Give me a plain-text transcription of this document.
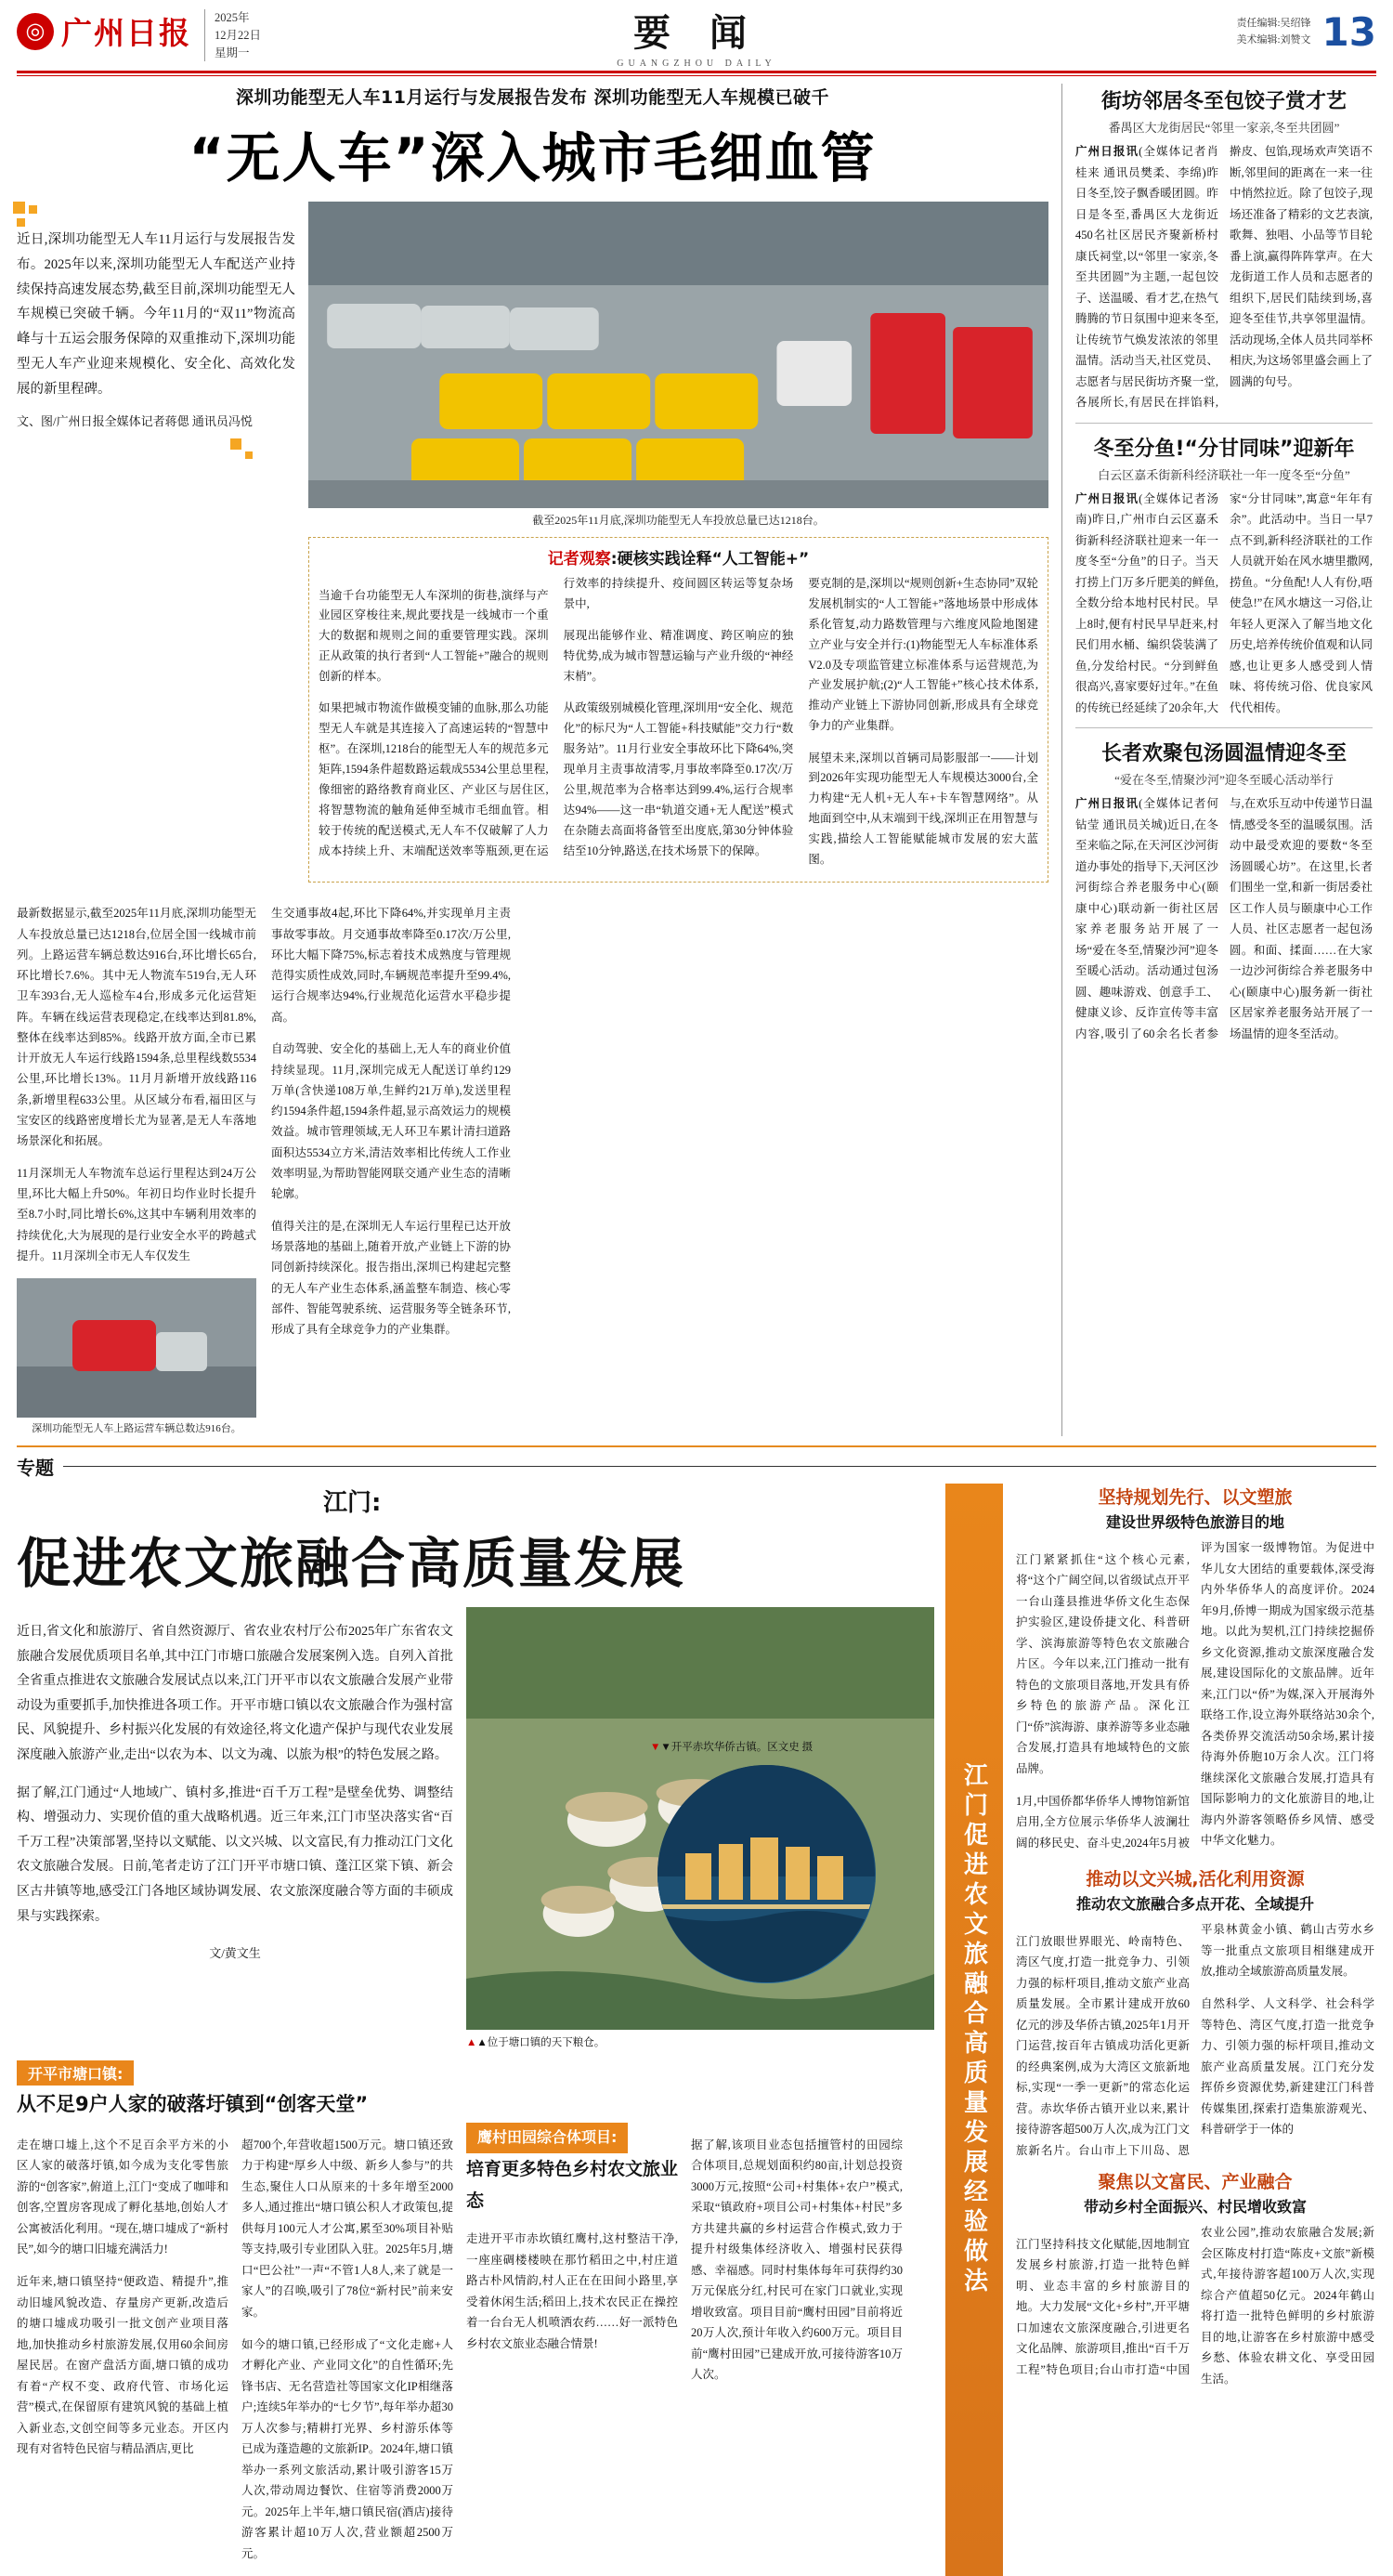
◎ 广州日报 2025年
12月22日
星期一	要 闻
GUANGZHOU DAILY
责任编辑:吴绍锋
美术编辑:刘赞文 13
深圳功能型无人车11月运行与发展报告发布 深圳功能型无人车规模已破千
“无人车”深入城市毛细血管
近日,深圳功能型无人车11月运行与发展报告发布。2025年以来,深圳功能型无人车配送产业持续保持高速发展态势,截至目前,深圳功能型无人车规模已突破千辆。今年11月的“双11”物流高峰与十五运会服务保障的双重推动下,深圳功能型无人车产业迎来规模化、安全化、高效化发展的新里程碑。
文、图/广州日报全媒体记者蒋偲 通讯员冯悦
截至2025年11月底,深圳功能型无人车投放总量已达1218台。
记者观察:硬核实践诠释“人工智能+”

当逾千台功能型无人车深圳的街巷,演绎与产业园区穿梭往来,规此要找是一线城市一个重大的数据和规则之间的重要管理实践。深圳正从政策的执行者到“人工智能+”融合的规则创新的样本。

如果把城市物流作做模变铺的血脉,那么功能型无人车就是其连接入了高速运转的“智慧中枢”。在深圳,1218台的能型无人车的规范多元矩阵,1594条件超数路运载成5534公里总里程,像细密的路络教育商业区、产业区与居住区,将智慧物流的触角延伸至城市毛细血管。相较于传统的配送模式,无人车不仅破解了人力成本持续上升、末端配送效率等瓶颈,更在运行效率的持续提升、疫间圆区转运等复杂场景中,

展现出能够作业、精准调度、跨区响应的独特优势,成为城市智慧运输与产业升级的“神经末梢”。

从政策级别城模化管理,深圳用“安全化、规范化”的标尺为“人工智能+科技赋能”交力行“数服务站”。11月行业安全事故环比下降64%,突现单月主责事故清零,月事故率降至0.17次/万公里,规范率为合格率达到99.4%,运行合规率达94%——这一串“轨道交通+无人配送”模式在杂随去高面将备管至出度底,第30分钟体验结至10分钟,路送,在技术场景下的保障。

要克制的是,深圳以“规则创新+生态协同”双轮发展机制实的“人工智能+”落地场景中形成体系化管复,动力路数管理与六维度风险地图建立产业与安全并行:(1)物能型无人车标准体系V2.0及专项监管建立标准体系与运营规范,为产业发展护航;(2)“人工智能+”核心技术体系,推动产业链上下游协同创新,形成具有全球竞争力的产业集群。

展望未来,深圳以首辆司局影服部一——计划到2026年实现功能型无人车规模达3000台,全力构建“无人机+无人车+卡车智慧网络”。从地面到空中,从末端到干线,深圳正在用智慧与实践,描绘人工智能赋能城市发展的宏大蓝图。

最新数据显示,截至2025年11月底,深圳功能型无人车投放总量已达1218台,位居全国一线城市前列。上路运营车辆总数达916台,环比增长65台,环比增长7.6%。其中无人物流车519台,无人环卫车393台,无人巡检车4台,形成多元化运营矩阵。车辆在线运营表现稳定,在线率达到81.8%,整体在线率达到85%。线路开放方面,全市已累计开放无人车运行线路1594条,总里程线数5534公里,环比增长13%。11月月新增开放线路116条,新增里程633公里。从区域分布看,福田区与宝安区的线路密度增长尤为显著,是无人车落地场景深化和拓展。

11月深圳无人车物流车总运行里程达到24万公里,环比大幅上升50%。年初日均作业时长提升至8.7小时,同比增长6%,这其中车辆利用效率的持续优化,大为展现的是行业安全水平的跨越式提升。11月深圳全市无人车仅发生

深圳功能型无人车上路运营车辆总数达916台。

生交通事故4起,环比下降64%,并实现单月主责事故零事故。月交通事故率降至0.17次/万公里,环比大幅下降75%,标志着技术成熟度与管理规范得实质性成效,同时,车辆规范率提升至99.4%,运行合规率达94%,行业规范化运营水平稳步提高。

自动驾驶、安全化的基础上,无人车的商业价值持续显现。11月,深圳完成无人配送订单约129万单(含快递108万单,生鲜约21万单),发送里程约1594条件超,1594条件超,显示高效运力的规模效益。城市管理领域,无人环卫车累计清扫道路面积达5534立方米,清洁效率相比传统人工作业效率明显,为帮助智能网联交通产业生态的清晰轮廓。

值得关注的是,在深圳无人车运行里程已达开放场景落地的基础上,随着开放,产业链上下游的协同创新持续深化。报告指出,深圳已构建起完整的无人车产业生态体系,涵盖整车制造、核心零部件、智能驾驶系统、运营服务等全链条环节,形成了具有全球竞争力的产业集群。

街坊邻居冬至包饺子赏才艺
番禺区大龙街居民“邻里一家亲,冬至共团圆”
广州日报讯(全媒体记者肖桂来 通讯员樊柔、李绵)昨日冬至,饺子飘香暖团圆。昨日是冬至,番禺区大龙街近450名社区居民齐聚新桥村康氏祠堂,以“邻里一家亲,冬至共团圆”为主题,一起包饺子、送温暖、看才艺,在热气腾腾的节日氛围中迎来冬至,让传统节气焕发浓浓的邻里温情。活动当天,社区党员、志愿者与居民街坊齐聚一堂,各展所长,有居民在拌馅料,擀皮、包馅,现场欢声笑语不断,邻里间的距离在一来一往中悄然拉近。除了包饺子,现场还准备了精彩的文艺表演,歌舞、独唱、小品等节目轮番上演,赢得阵阵掌声。在大龙街道工作人员和志愿者的组织下,居民们陆续到场,喜迎冬至佳节,共享邻里温情。活动现场,全体人员共同举杯相庆,为这场邻里盛会画上了圆满的句号。
冬至分鱼!“分甘同味”迎新年
白云区嘉禾街新科经济联社一年一度冬至“分鱼”
广州日报讯(全媒体记者汤南)昨日,广州市白云区嘉禾街新科经济联社迎来一年一度冬至“分鱼”的日子。当天打捞上门万多斤肥美的鲜鱼,全数分给本地村民村民。早上8时,便有村民早早赶来,村民们用水桶、编织袋装满了鱼,分发给村民。“分到鲜鱼很高兴,喜家要好过年。”在鱼的传统已经延续了20余年,大家“分甘同味”,寓意“年年有余”。此活动中。当日一早7点不到,新科经济联社的工作人员就开始在风水塘里撒网,捞鱼。“分鱼配!人人有份,唔使急!”在风水塘这一习俗,让年轻人更深入了解当地文化历史,培养传统价值观和认同感,也让更多人感受到人情味、将传统习俗、优良家风代代相传。
长者欢聚包汤圆温情迎冬至
“爱在冬至,情聚沙河”迎冬至暖心活动举行
广州日报讯(全媒体记者何钻莹 通讯员关城)近日,在冬至来临之际,在天河区沙河街道办事处的指导下,天河区沙河街综合养老服务中心(颐康中心)联动新一街社区居家养老服务站开展了一场“爱在冬至,情聚沙河”迎冬至暖心活动。活动通过包汤圆、趣味游戏、创意手工、健康义诊、反诈宣传等丰富内容,吸引了60余名长者参与,在欢乐互动中传递节日温情,感受冬至的温暖氛围。活动中最受欢迎的要数“冬至汤圆暖心坊”。在这里,长者们围坐一堂,和新一街居委社区工作人员与颐康中心工作人员、社区志愿者一起包汤圆。和面、揉面……在大家一边沙河街综合养老服务中心(颐康中心)服务新一街社区居家养老服务站开展了一场温情的迎冬至活动。
专题
江门:
促进农文旅融合高质量发展

近日,省文化和旅游厅、省自然资源厅、省农业农村厅公布2025年广东省农文旅融合发展优质项目名单,其中江门市塘口旅融合发展案例入选。自列入首批全省重点推进农文旅融合发展试点以来,江门开平市以农文旅融合发展产业带动设为重要抓手,加快推进各项工作。开平市塘口镇以农文旅融合作为强村富民、风貌提升、乡村振兴化发展的有效途径,将文化遗产保护与现代农业发展深度融入旅游产业,走出“以农为本、以文为魂、以旅为根”的特色发展之路。

据了解,江门通过“人地域广、镇村多,推进“百千万工程”是壁垒优势、调整结构、增强动力、实现价值的重大战略机遇。近三年来,江门市坚决落实省“百千万工程”决策部署,坚持以文赋能、以文兴城、以文富民,有力推动江门文化农文旅融合发展。日前,笔者走访了江门开平市塘口镇、蓬江区棠下镇、新会区古井镇等地,感受江门各地区域协调发展、农文旅深度融合等方面的丰硕成果与实践探索。

文/黄文生
▲▲位于塘口镇的天下粮仓。
开平市塘口镇:
从不足9户人家的破落圩镇到“创客天堂”

走在塘口墟上,这个不足百余平方米的小区人家的破落圩镇,如今成为支化零售旅游的“创客家”,俯道上,江门“变成了咖啡和创客,空置房客现成了孵化基地,创始人才公寓被活化利用。“现在,塘口墟成了“新村民”,如今的塘口旧墟充满活力!

近年来,塘口镇坚持“便政造、精提升”,推动旧墟风貌改造、存量房产更新,改造后的塘口墟成功吸引一批文创产业项目落地,加快推动乡村旅游发展,仅用60余间房屋民居。在窗产盘活方面,塘口镇的成功有着“产权不变、政府代管、市场化运营”模式,在保留原有建筑风貌的基础上植入新业态,文创空间等多元业态。开区内现有对省特色民宿与精品酒店,更比

超700个,年营收超1500万元。塘口镇还致力于构建“厚乡人中级、新乡人参与”的共生态,聚住人口从原来的十多年增至2000多人,通过推出“塘口镇公积人才政策包,提供每月100元人才公寓,累至30%项目补贴等支持,吸引专业团队入驻。2025年5月,塘口“巴公社”一声“不管1人8人,来了就是一家人”的召唤,吸引了78位“新村民”前来安家。

如今的塘口镇,已经形成了“文化走廊+人才孵化产业、产业同文化”的自性循环;先锋书店、无名营造社等国家文化IP相继落户;连续5年举办的“七夕节”,每年举办超30万人次参与;精耕打光界、乡村游乐体等已成为蓬造趣的文旅新IP。2024年,塘口镇举办一系列文旅活动,累计吸引游客15万人次,带动周边餐饮、住宿等消费2000万元。2025年上半年,塘口镇民宿(酒店)接待游客累计超10万人次,营业额超2500万元。

鹰村田园综合体项目:
培育更多特色乡村农文旅业态

走进开平市赤坎镇红鹰村,这村整洁干净,一座座碉楼楼映在那竹稻田之中,村庄道路古朴风情韵,村人正在在田间小路里,享受着休闲生活;稻田上,技术农民正在操控着一台台无人机喷洒农药……好一派特色乡村农文旅业态融合情景!

据了解,该项目业态包括擅管村的田园综合体项目,总规划面积约80亩,计划总投资3000万元,按照“公司+村集体+农户”模式,采取“镇政府+项目公司+村集体+村民”多方共建共赢的乡村运营合作模式,致力于提升村级集体经济收入、增强村民获得感、幸福感。同时村集体每年可获得约30万元保底分红,村民可在家门口就业,实现增收致富。项目目前“鹰村田园”目前将近20万人次,预计年收入约600万元。项目目前“鹰村田园”已建成开放,可接待游客10万人次。

江门促进农文旅融合高质量发展经验做法
坚持规划先行、以文塑旅
建设世界级特色旅游目的地

江门紧紧抓住“这个核心元素,将“这个广阔空间,以省级试点开平一台山蓬县推进华侨文化生态保护实验区,建设侨捷文化、科普研学、滨海旅游等特色农文旅融合片区。今年以来,江门推动一批有特色的文旅项目落地,开发具有侨乡特色的旅游产品。深化江门“侨”滨海游、康养游等多业态融合发展,打造具有地域特色的文旅品牌。

1月,中国侨都华侨华人博物馆新馆启用,全方位展示华侨华人波澜壮阔的移民史、奋斗史,2024年5月被评为国家一级博物馆。为促进中华儿女大团结的重要载体,深受海内外华侨华人的高度评价。2024年9月,侨博一期成为国家级示范基地。以此为契机,江门持续挖掘侨乡文化资源,推动文旅深度融合发展,建设国际化的文旅品牌。近年来,江门以“侨”为媒,深入开展海外联络工作,设立海外联络站30余个,各类侨界交流活动50余场,累计接待海外侨胞10万余人次。江门将继续深化文旅融合发展,打造具有国际影响力的文化旅游目的地,让海内外游客领略侨乡风情、感受中华文化魅力。

推动以文兴城,活化利用资源
推动农文旅融合多点开花、全域提升

江门放眼世界眼光、岭南特色、湾区气度,打造一批竞争力、引领力强的标杆项目,推动文旅产业高质量发展。全市累计建成开放60亿元的涉及华侨古镇,2025年1月开门运营,按百年古镇成功活化更新的经典案例,成为大湾区文旅新地标,实现“一季一更新”的常态化运营。赤坎华侨古镇开业以来,累计接待游客超500万人次,成为江门文旅新名片。台山市上下川岛、恩平泉林黄金小镇、鹤山古劳水乡等一批重点文旅项目相继建成开放,推动全域旅游高质量发展。

自然科学、人文科学、社会科学等特色、湾区气度,打造一批竞争力、引领力强的标杆项目,推动文旅产业高质量发展。江门充分发挥侨乡资源优势,新建建江门科普传媒集团,探索打造集旅游观光、科普研学于一体的

聚焦以文富民、产业融合
带动乡村全面振兴、村民增收致富

江门坚持科技文化赋能,因地制宜发展乡村旅游,打造一批特色鲜明、业态丰富的乡村旅游目的地。大力发展“文化+乡村”,开平塘口加速农文旅深度融合,引进更名文化品牌、旅游项目,推出“百千万工程”特色项目;台山市打造“中国农业公园”,推动农旅融合发展;新会区陈皮村打造“陈皮+文旅”新模式,年接待游客超100万人次,实现综合产值超50亿元。2024年鹤山将打造一批特色鲜明的乡村旅游目的地,让游客在乡村旅游中感受乡愁、体验农耕文化、享受田园生活。

▼▼开平赤坎华侨古镇。区文史 摄
